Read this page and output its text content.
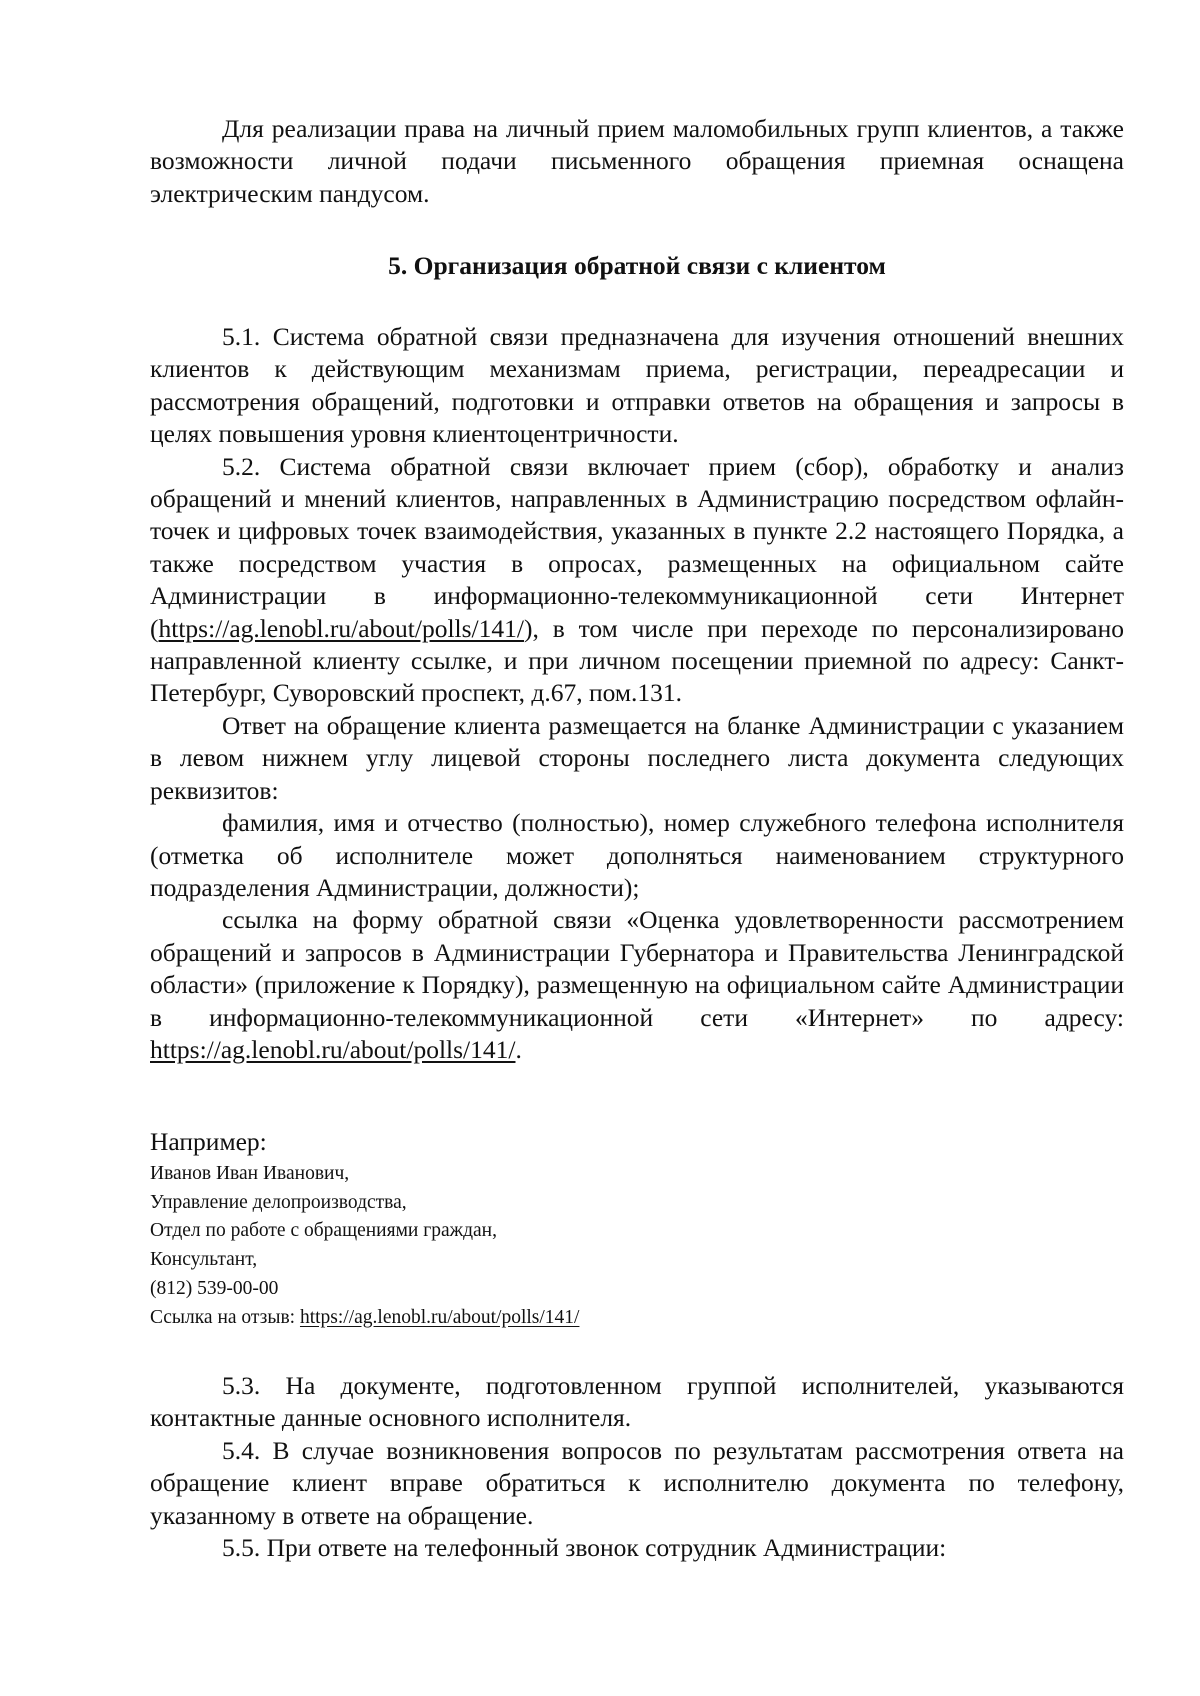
Для реализации права на личный прием маломобильных групп клиентов, а также возможности личной подачи письменного обращения приемная оснащена электрическим пандусом.

5. Организация обратной связи с клиентом

5.1. Система обратной связи предназначена для изучения отношений внешних клиентов к действующим механизмам приема, регистрации, переадресации и рассмотрения обращений, подготовки и отправки ответов на обращения и запросы в целях повышения уровня клиентоцентричности.

5.2. Система обратной связи включает прием (сбор), обработку и анализ обращений и мнений клиентов, направленных в Администрацию посредством офлайн-точек и цифровых точек взаимодействия, указанных в пункте 2.2 настоящего Порядка, а также посредством участия в опросах, размещенных на официальном сайте Администрации в информационно-телекоммуникационной сети Интернет (https://ag.lenobl.ru/about/polls/141/), в том числе при переходе по персонализировано направленной клиенту ссылке, и при личном посещении приемной по адресу: Санкт-Петербург, Суворовский проспект, д.67, пом.131.

Ответ на обращение клиента размещается на бланке Администрации с указанием в левом нижнем углу лицевой стороны последнего листа документа следующих реквизитов:

фамилия, имя и отчество (полностью), номер служебного телефона исполнителя (отметка об исполнителе может дополняться наименованием структурного подразделения Администрации, должности);

ссылка на форму обратной связи «Оценка удовлетворенности рассмотрением обращений и запросов в Администрации Губернатора и Правительства Ленинградской области» (приложение к Порядку), размещенную на официальном сайте Администрации в информационно-телекоммуникационной сети «Интернет» по адресу: https://ag.lenobl.ru/about/polls/141/.

Например:

Иванов Иван Иванович,

Управление делопроизводства,

Отдел по работе с обращениями граждан,

Консультант,

(812) 539-00-00

Ссылка на отзыв: https://ag.lenobl.ru/about/polls/141/

5.3. На документе, подготовленном группой исполнителей, указываются контактные данные основного исполнителя.

5.4. В случае возникновения вопросов по результатам рассмотрения ответа на обращение клиент вправе обратиться к исполнителю документа по телефону, указанному в ответе на обращение.

5.5. При ответе на телефонный звонок сотрудник Администрации:
